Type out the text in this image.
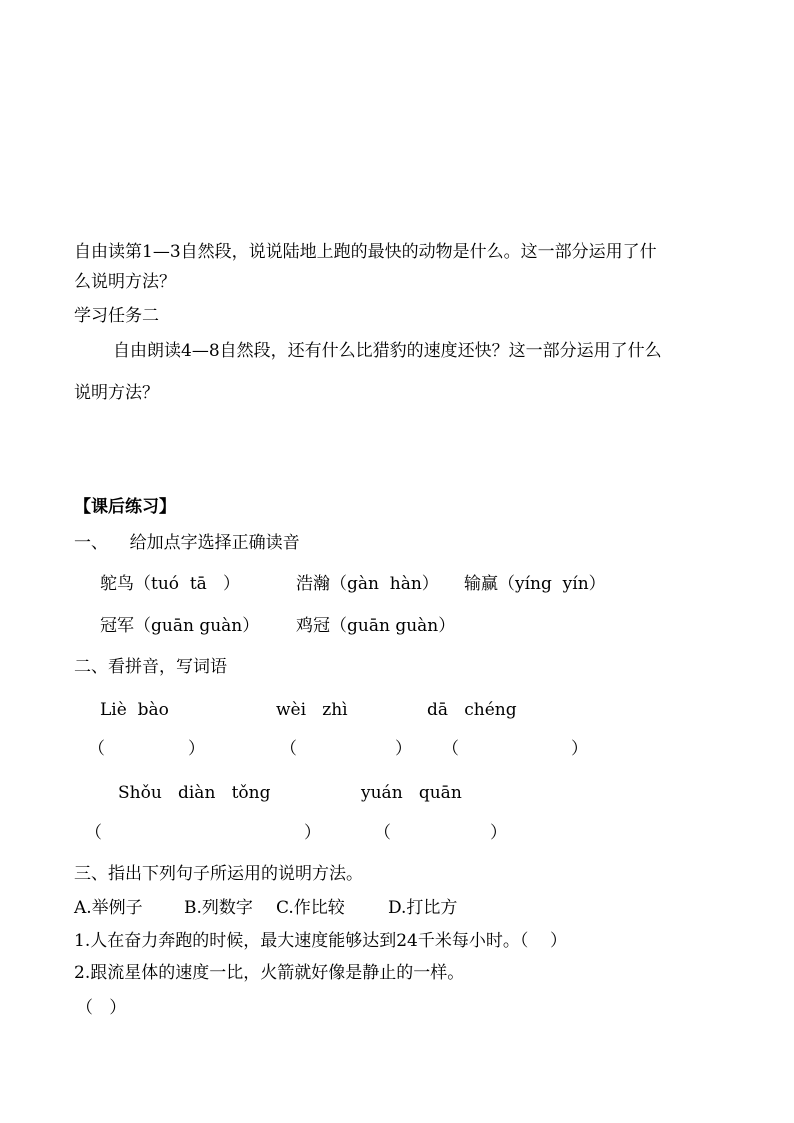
自由读第1—3自然段，说说陆地上跑的最快的动物是什么。这一部分运用了什
么说明方法？
学习任务二
自由朗读4—8自然段，还有什么比猎豹的速度还快？这一部分运用了什么
说明方法？
【课后练习】
一、    给加点字选择正确读音
鸵鸟（tuó  tā   ）	浩瀚（gàn  hàn） 输赢（yíng  yín）
冠军（guān guàn） 鸡冠（guān guàn）
二、看拼音，写词语
Liè  bào	wèi   zhì	dā   chéng
（	）	（	） （	）
Shǒu   diàn   tǒng	yuán   quān
（	）	（	）
三、指出下列句子所运用的说明方法。
A.举例子 B.列数字 C.作比较	D.打比方
1.人在奋力奔跑的时候，最大速度能够达到24千米每小时。（    ）
2.跟流星体的速度一比，火箭就好像是静止的一样。
（   ）
